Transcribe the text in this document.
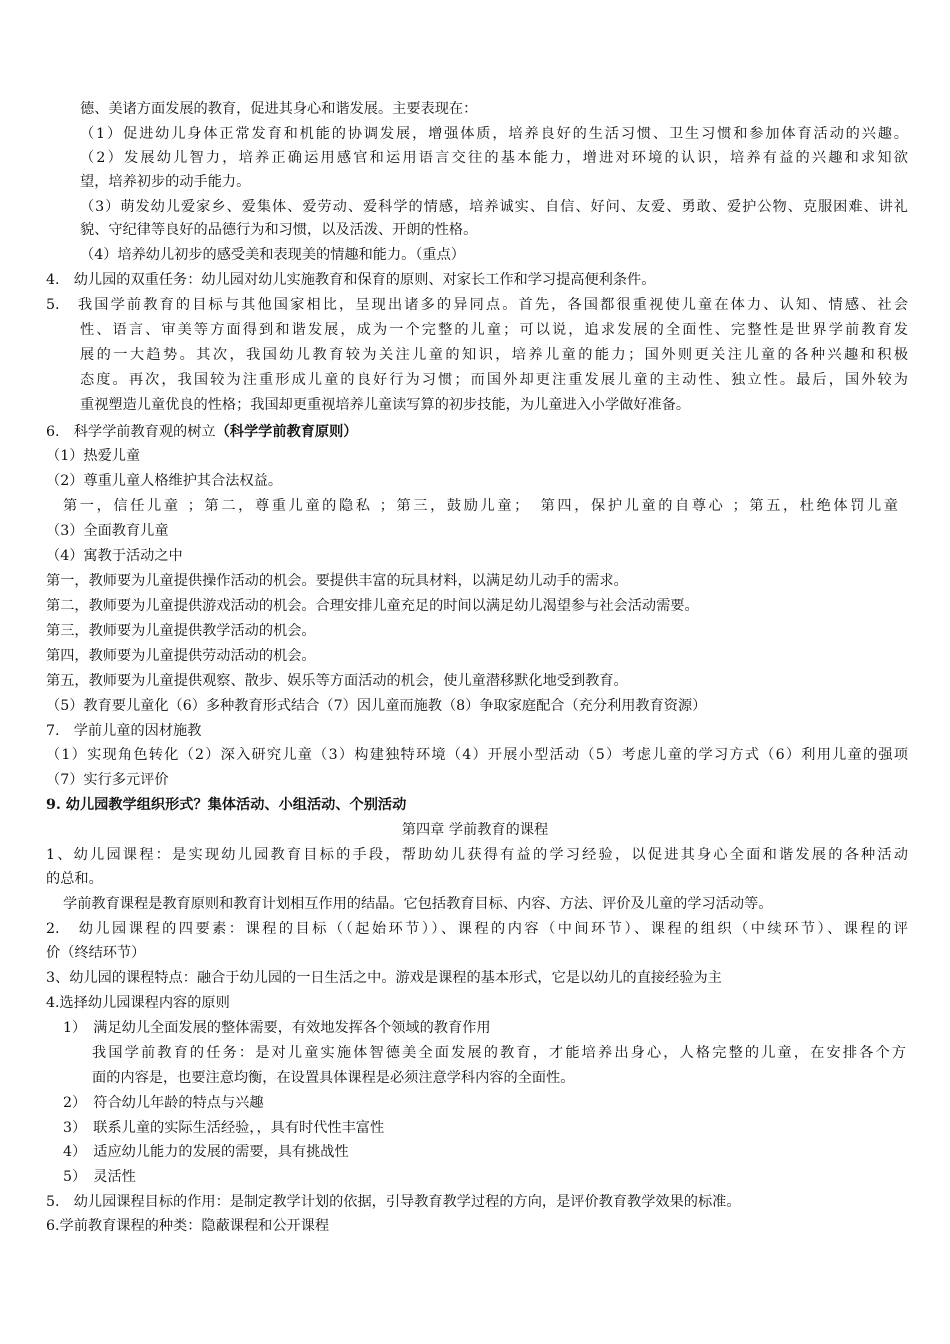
德、美诸方面发展的教育，促进其身心和谐发展。主要表现在：
（1）促进幼儿身体正常发育和机能的协调发展，增强体质，培养良好的生活习惯、卫生习惯和参加体育活动的兴趣。
（2）发展幼儿智力，培养正确运用感官和运用语言交往的基本能力，增进对环境的认识，培养有益的兴趣和求知欲
望，培养初步的动手能力。
（3）萌发幼儿爱家乡、爱集体、爱劳动、爱科学的情感，培养诚实、自信、好问、友爱、勇敢、爱护公物、克服困难、讲礼
貌、守纪律等良好的品德行为和习惯，以及活泼、开朗的性格。
（4）培养幼儿初步的感受美和表现美的情趣和能力。（重点）
4.　幼儿园的双重任务：幼儿园对幼儿实施教育和保育的原则、对家长工作和学习提高便利条件。
5.　我国学前教育的目标与其他国家相比，呈现出诸多的异同点。首先，各国都很重视使儿童在体力、认知、情感、社会
性、语言、审美等方面得到和谐发展，成为一个完整的儿童；可以说，追求发展的全面性、完整性是世界学前教育发
展的一大趋势。其次，我国幼儿教育较为关注儿童的知识，培养儿童的能力；国外则更关注儿童的各种兴趣和积极
态度。再次，我国较为注重形成儿童的良好行为习惯；而国外却更注重发展儿童的主动性、独立性。最后，国外较为
重视塑造儿童优良的性格；我国却更重视培养儿童读写算的初步技能，为儿童进入小学做好准备。
6.　科学学前教育观的树立（科学学前教育原则）
（1）热爱儿童
（2）尊重儿童人格维护其合法权益。
第一，信任儿童 ；第二，尊重儿童的隐私 ；第三，鼓励儿童；　第四，保护儿童的自尊心 ；第五，杜绝体罚儿童
（3）全面教育儿童
（4）寓教于活动之中
第一，教师要为儿童提供操作活动的机会。要提供丰富的玩具材料，以满足幼儿动手的需求。
第二，教师要为儿童提供游戏活动的机会。合理安排儿童充足的时间以满足幼儿渴望参与社会活动需要。
第三，教师要为儿童提供教学活动的机会。
第四，教师要为儿童提供劳动活动的机会。
第五，教师要为儿童提供观察、散步、娱乐等方面活动的机会，使儿童潜移默化地受到教育。
（5）教育要儿童化（6）多种教育形式结合（7）因儿童而施教（8）争取家庭配合（充分利用教育资源）
7.　学前儿童的因材施教
（1）实现角色转化（2）深入研究儿童（3）构建独特环境（4）开展小型活动（5）考虑儿童的学习方式（6）利用儿童的强项
（7）实行多元评价
9. 幼儿园教学组织形式？集体活动、小组活动、个别活动
第四章 学前教育的课程
1、幼儿园课程：是实现幼儿园教育目标的手段，帮助幼儿获得有益的学习经验，以促进其身心全面和谐发展的各种活动
的总和。
学前教育课程是教育原则和教育计划相互作用的结晶。它包括教育目标、内容、方法、评价及儿童的学习活动等。
2.　幼儿园课程的四要素：课程的目标（（起始环节））、课程的内容（中间环节）、课程的组织（中续环节）、课程的评
价（终结环节）
3、幼儿园的课程特点：融合于幼儿园的一日生活之中。游戏是课程的基本形式，它是以幼儿的直接经验为主
4.选择幼儿园课程内容的原则
1）　满足幼儿全面发展的整体需要，有效地发挥各个领域的教育作用
我国学前教育的任务：是对儿童实施体智德美全面发展的教育，才能培养出身心，人格完整的儿童，在安排各个方
面的内容是，也要注意均衡，在设置具体课程是必须注意学科内容的全面性。
2）　符合幼儿年龄的特点与兴趣
3）　联系儿童的实际生活经验，，具有时代性丰富性
4）　适应幼儿能力的发展的需要，具有挑战性
5）　灵活性
5.　幼儿园课程目标的作用：是制定教学计划的依据，引导教育教学过程的方向，是评价教育教学效果的标准。
6.学前教育课程的种类：隐蔽课程和公开课程
